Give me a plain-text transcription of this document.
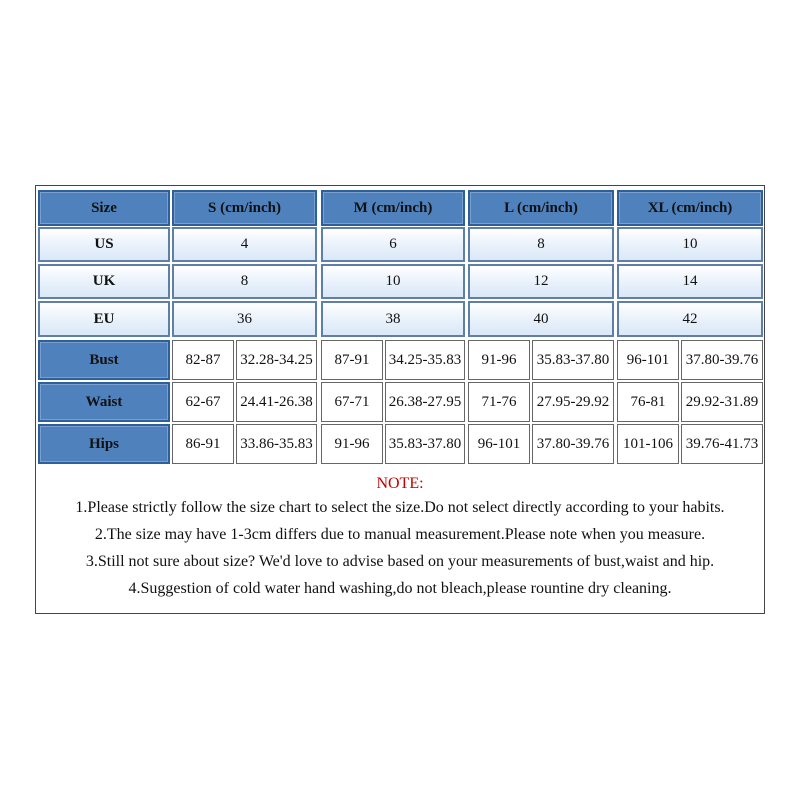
Size	S (cm/inch)	M (cm/inch)	L (cm/inch)	XL (cm/inch)
US	4	6	8	10
UK	8	10	12	14
EU	36	38	40	42
Bust	82-87	32.28-34.25	87-91	34.25-35.83	91-96	35.83-37.80	96-101	37.80-39.76
Waist	62-67	24.41-26.38	67-71	26.38-27.95	71-76	27.95-29.92	76-81	29.92-31.89
Hips	86-91	33.86-35.83	91-96	35.83-37.80	96-101	37.80-39.76 101-106 39.76-41.73
NOTE:
1.Please strictly follow the size chart to select the size.Do not select directly according to your habits.
2.The size may have 1-3cm differs due to manual measurement.Please note when you measure.
3.Still not sure about size? We'd love to advise based on your measurements of bust,waist and hip.
4.Suggestion of cold water hand washing,do not bleach,please rountine dry cleaning.
